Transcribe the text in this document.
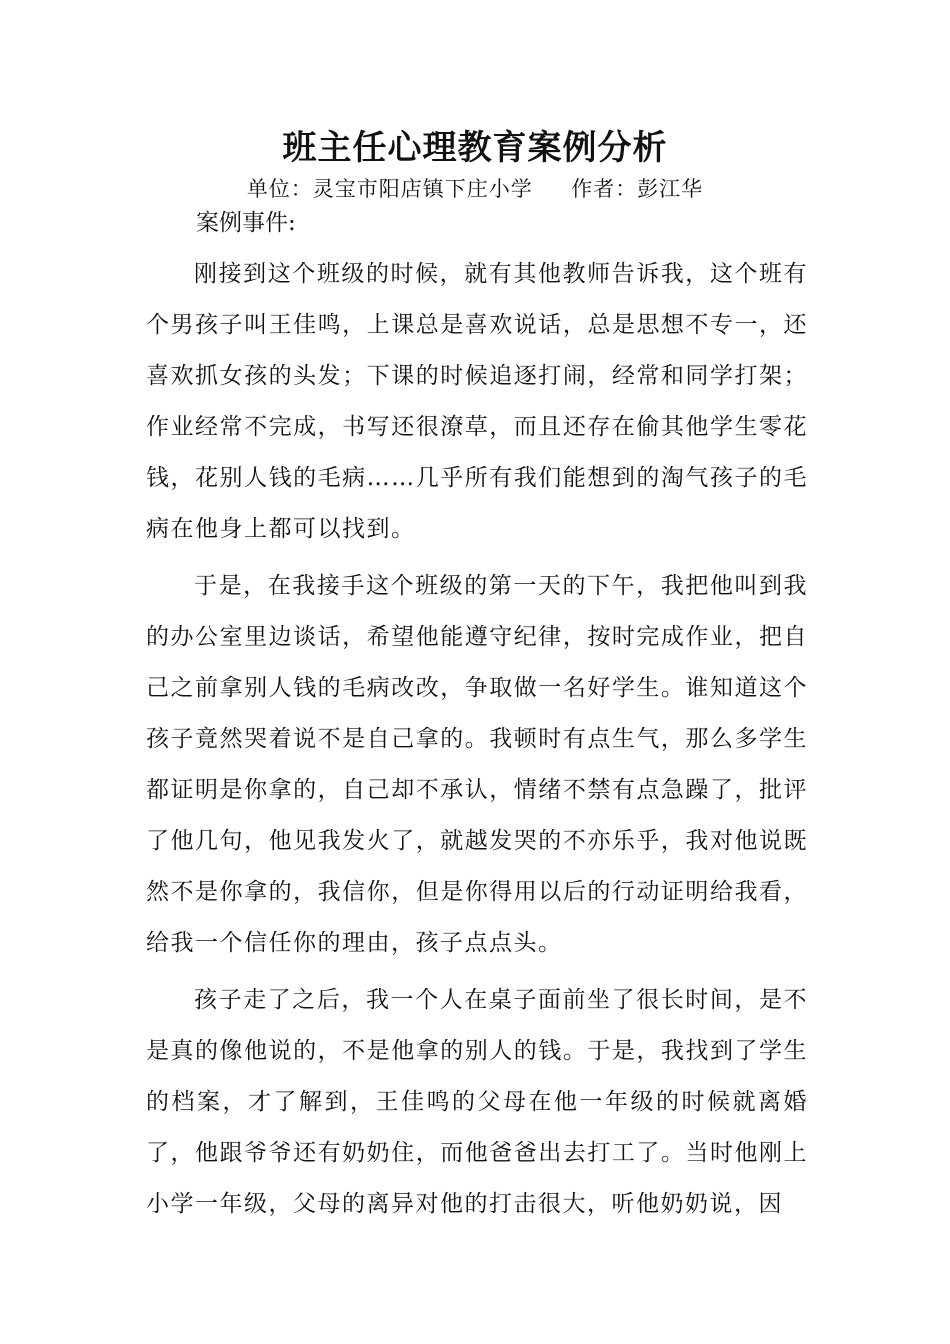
班主任心理教育案例分析
单位：灵宝市阳店镇下庄小学     作者：彭江华

案例事件:

刚接到这个班级的时候，就有其他教师告诉我，这个班有个男孩子叫王佳鸣，上课总是喜欢说话，总是思想不专一，还喜欢抓女孩的头发；下课的时候追逐打闹，经常和同学打架；作业经常不完成，书写还很潦草，而且还存在偷其他学生零花钱，花别人钱的毛病……几乎所有我们能想到的淘气孩子的毛病在他身上都可以找到。

于是，在我接手这个班级的第一天的下午，我把他叫到我的办公室里边谈话，希望他能遵守纪律，按时完成作业，把自己之前拿别人钱的毛病改改，争取做一名好学生。谁知道这个孩子竟然哭着说不是自己拿的。我顿时有点生气，那么多学生都证明是你拿的，自己却不承认，情绪不禁有点急躁了，批评了他几句，他见我发火了，就越发哭的不亦乐乎，我对他说既然不是你拿的，我信你，但是你得用以后的行动证明给我看，给我一个信任你的理由，孩子点点头。

孩子走了之后，我一个人在桌子面前坐了很长时间，是不是真的像他说的，不是他拿的别人的钱。于是，我找到了学生的档案，才了解到，王佳鸣的父母在他一年级的时候就离婚了，他跟爷爷还有奶奶住，而他爸爸出去打工了。当时他刚上小学一年级，父母的离异对他的打击很大，听他奶奶说，因
